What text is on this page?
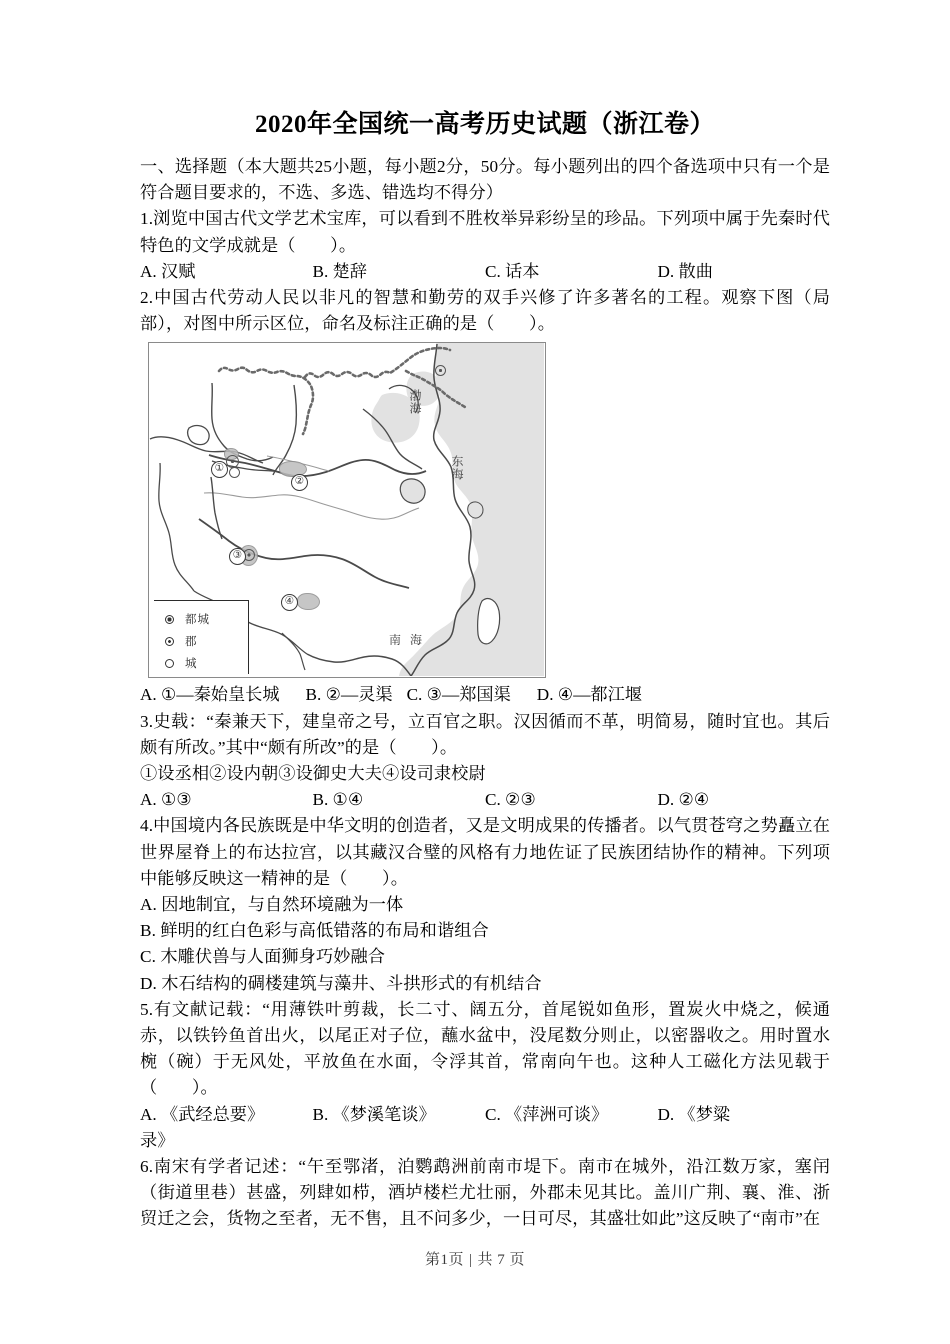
2020年全国统一高考历史试题（浙江卷）

一、选择题（本大题共25小题，每小题2分，50分。每小题列出的四个备选项中只有一个是符合题目要求的，不选、多选、错选均不得分）

1.浏览中国古代文学艺术宝库，可以看到不胜枚举异彩纷呈的珍品。下列项中属于先秦时代特色的文学成就是（　　）。

A. 汉赋	B. 楚辞	C. 话本	D. 散曲

2.中国古代劳动人民以非凡的智慧和勤劳的双手兴修了许多著名的工程。观察下图（局部），对图中所示区位，命名及标注正确的是（　　）。

①
②
③
④
渤海
东海
南海
都城
郡
城
A. ①—秦始皇长城 B. ②—灵渠 C. ③—郑国渠 D. ④—都江堰

3.史载：“秦兼天下，建皇帝之号，立百官之职。汉因循而不革，明简易，随时宜也。其后颇有所改。”其中“颇有所改”的是（　　）。

①设丞相②设内朝③设御史大夫④设司隶校尉

A. ①③	B. ①④	C. ②③	D. ②④

4.中国境内各民族既是中华文明的创造者，又是文明成果的传播者。以气贯苍穹之势矗立在世界屋脊上的布达拉宫，以其藏汉合璧的风格有力地佐证了民族团结协作的精神。下列项中能够反映这一精神的是（　　）。

A. 因地制宜，与自然环境融为一体

B. 鲜明的红白色彩与高低错落的布局和谐组合

C. 木雕伏兽与人面狮身巧妙融合

D. 木石结构的碉楼建筑与藻井、斗拱形式的有机结合

5.有文献记载：“用薄铁叶剪裁，长二寸、阔五分，首尾锐如鱼形，置炭火中烧之，候通赤，以铁钤鱼首出火，以尾正对子位，蘸水盆中，没尾数分则止，以密器收之。用时置水椀（碗）于无风处，平放鱼在水面，令浮其首，常南向午也。这种人工磁化方法见载于（　　）。

A. 《武经总要》	B. 《梦溪笔谈》	C. 《萍洲可谈》	D. 《梦粱

录》

6.南宋有学者记述：“午至鄂渚，泊鹦鹉洲前南市堤下。南市在城外，沿江数万家，塞闬（街道里巷）甚盛，列肆如栉，酒垆楼栏尤壮丽，外郡未见其比。盖川广荆、襄、淮、浙贸迁之会，货物之至者，无不售，且不问多少，一日可尽，其盛壮如此”这反映了“南市”在

第1页 | 共 7 页
